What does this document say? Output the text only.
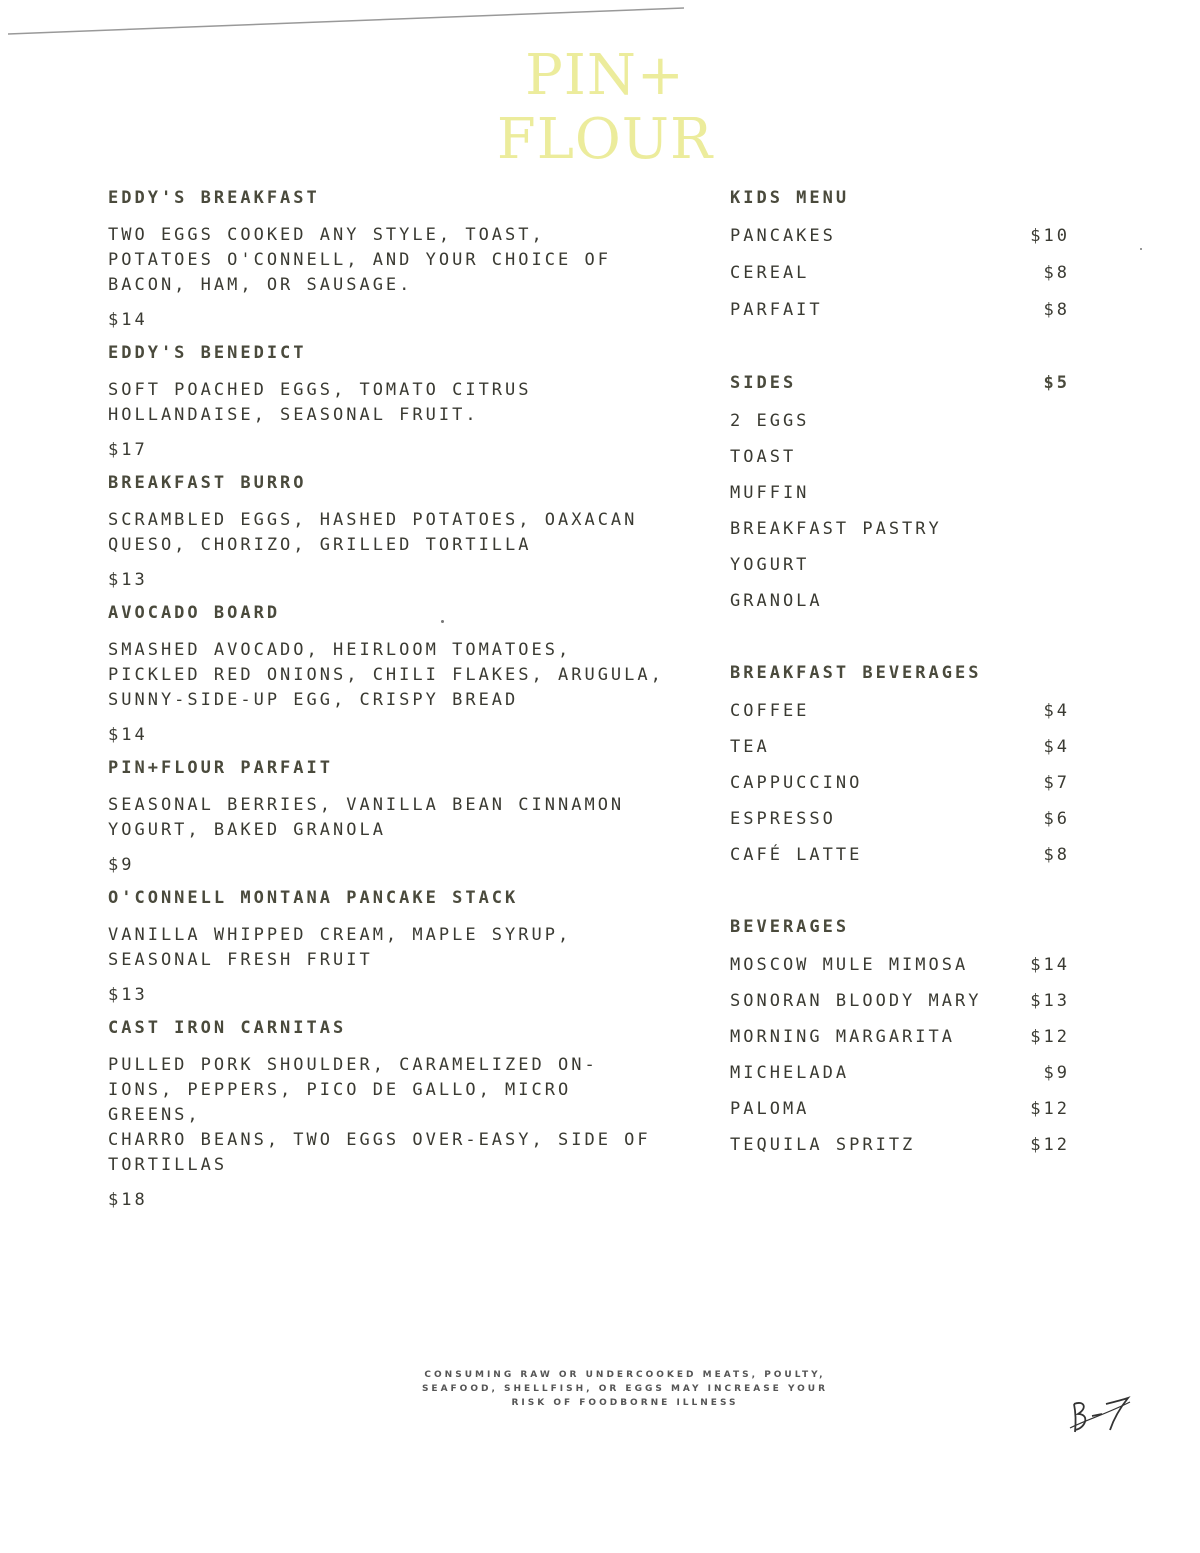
PIN+
FLOUR
EDDY'S BREAKFAST
TWO EGGS COOKED ANY STYLE, TOAST,
POTATOES O'CONNELL, AND YOUR CHOICE OF
BACON, HAM, OR SAUSAGE.
$14
EDDY'S BENEDICT
SOFT POACHED EGGS, TOMATO CITRUS
HOLLANDAISE, SEASONAL FRUIT.
$17
BREAKFAST BURRO
SCRAMBLED EGGS, HASHED POTATOES, OAXACAN
QUESO, CHORIZO, GRILLED TORTILLA
$13
AVOCADO BOARD
SMASHED AVOCADO, HEIRLOOM TOMATOES,
PICKLED RED ONIONS, CHILI FLAKES, ARUGULA,
SUNNY-SIDE-UP EGG, CRISPY BREAD
$14
PIN+FLOUR PARFAIT
SEASONAL BERRIES, VANILLA BEAN CINNAMON
YOGURT, BAKED GRANOLA
$9
O'CONNELL MONTANA PANCAKE STACK
VANILLA WHIPPED CREAM, MAPLE SYRUP,
SEASONAL FRESH FRUIT
$13
CAST IRON CARNITAS
PULLED PORK SHOULDER, CARAMELIZED ON-
IONS, PEPPERS, PICO DE GALLO, MICRO GREENS,
CHARRO BEANS, TWO EGGS OVER-EASY, SIDE OF
TORTILLAS
$18
KIDS MENU
PANCAKES	$10
CEREAL	$8
PARFAIT	$8
SIDES	$5
2 EGGS
TOAST
MUFFIN
BREAKFAST PASTRY
YOGURT
GRANOLA
BREAKFAST BEVERAGES
COFFEE	$4
TEA	$4
CAPPUCCINO	$7
ESPRESSO	$6
CAFÉ LATTE	$8
BEVERAGES
MOSCOW MULE MIMOSA	$14
SONORAN BLOODY MARY	$13
MORNING MARGARITA	$12
MICHELADA	$9
PALOMA	$12
TEQUILA SPRITZ	$12
CONSUMING RAW OR UNDERCOOKED MEATS, POULTY,
SEAFOOD, SHELLFISH, OR EGGS MAY INCREASE YOUR
RISK OF FOODBORNE ILLNESS
